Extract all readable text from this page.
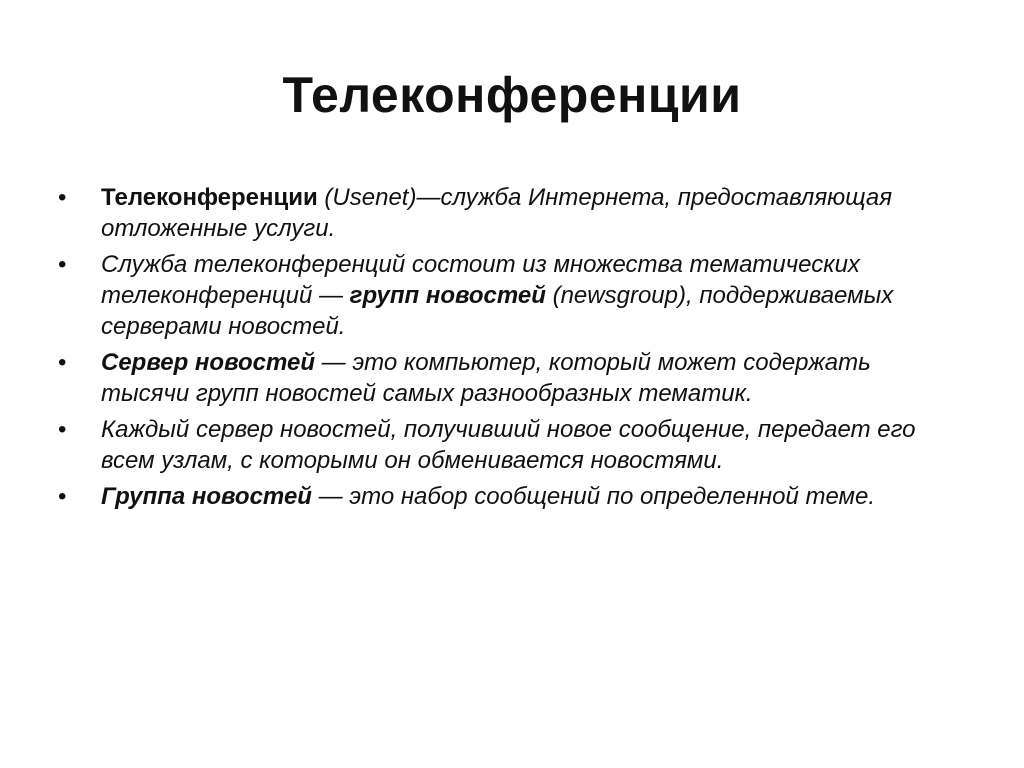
Телеконференции
• Телеконференции (Usenet)—служба Интернета, предоставляющая отложенные услуги.
• Служба телеконференций состоит из множества тематических телеконференций — групп новостей (newsgroup), поддерживаемых серверами новостей.
• Сервер новостей — это компьютер, который может содержать тысячи групп новостей самых разнообразных тематик.
• Каждый сервер новостей, получивший новое сообщение, передает его всем узлам, с которыми он обменивается новостями.
• Группа новостей — это набор сообщений по определенной теме.
